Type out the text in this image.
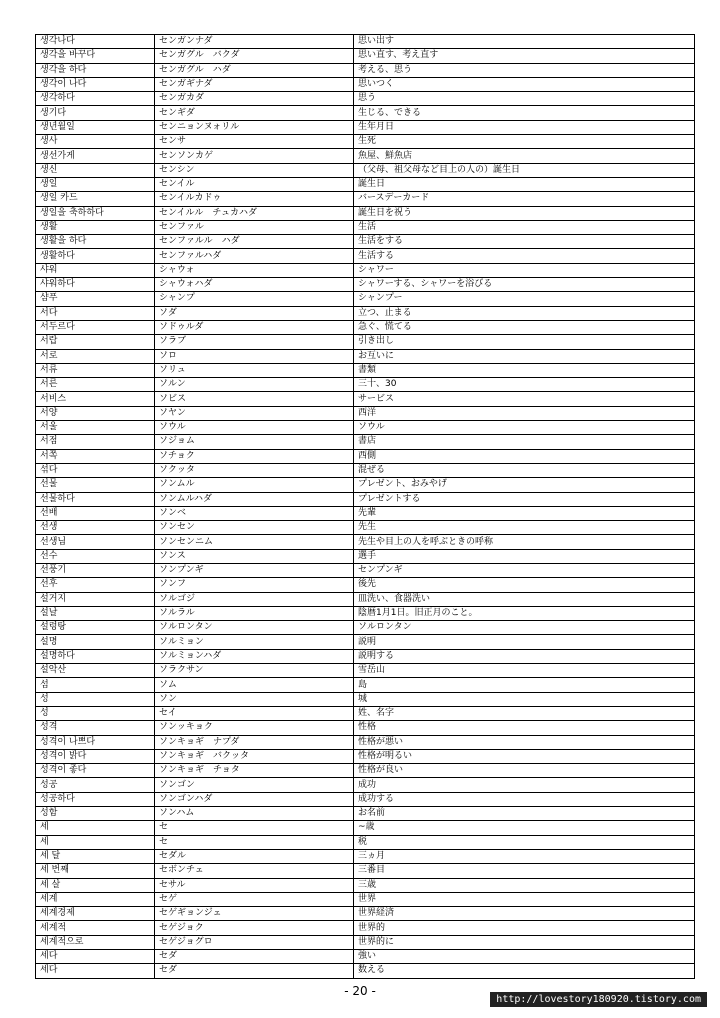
생각나다	センガンナダ	思い出す
생각을 바꾸다	センガグル　バクダ	思い直す、考え直す
생각을 하다	センガグル　ハダ	考える、思う
생각이 나다	センガギナダ	思いつく
생각하다	センガカダ	思う
생기다	センギダ	生じる、できる
생년월일	センニョンヌォリル	生年月日
생사	センサ	生死
생선가게	センソンカゲ	魚屋、鮮魚店
생신	センシン	（父母、祖父母など目上の人の）誕生日
생일	センイル	誕生日
생일 카드	センイルカドゥ	バースデーカード
생일을 축하하다	センイルル　チュカハダ	誕生日を祝う
생활	センファル	生活
생활을 하다	センファルル　ハダ	生活をする
생활하다	センファルハダ	生活する
샤워	シャウォ	シャワー
샤워하다	シャウォハダ	シャワーする、シャワーを浴びる
샴푸	シャンプ	シャンプー
서다	ソダ	立つ、止まる
서두르다	ソドゥルダ	急ぐ、慌てる
서랍	ソラブ	引き出し
서로	ソロ	お互いに
서류	ソリュ	書類
서른	ソルン	三十、30
서비스	ソビス	サービス
서양	ソヤン	西洋
서울	ソウル	ソウル
서점	ソジョム	書店
서쪽	ソチョク	西側
섞다	ソクッタ	混ぜる
선물	ソンムル	プレゼント、おみやげ
선물하다	ソンムルハダ	プレゼントする
선배	ソンベ	先輩
선생	ソンセン	先生
선생님	ソンセンニム	先生や目上の人を呼ぶときの呼称
선수	ソンス	選手
선풍기	ソンプンギ	センプンギ
선후	ソンフ	後先
설거지	ソルゴジ	皿洗い、食器洗い
설날	ソルラル	陰暦1月1日。旧正月のこと。
설렁탕	ソルロンタン	ソルロンタン
설명	ソルミョン	説明
설명하다	ソルミョンハダ	説明する
설악산	ソラクサン	雪岳山
섬	ソム	島
성	ソン	城
성	セイ	姓、名字
성격	ソンッキョク	性格
성격이 나쁘다	ソンキョギ　ナプダ	性格が悪い
성격이 밝다	ソンキョギ　バクッタ	性格が明るい
성격이 좋다	ソンキョギ　チョタ	性格が良い
성공	ソンゴン	成功
성공하다	ソンゴンハダ	成功する
성함	ソンハム	お名前
세	セ	~歳
세	セ	税
세 달	セダル	三ヵ月
세 번째	セボンチェ	三番目
세 살	セサル	三歳
세계	セゲ	世界
세계경제	セゲギョンジェ	世界経済
세계적	セゲジョク	世界的
세계적으로	セゲジョグロ	世界的に
세다	セダ	強い
세다	セダ	数える
- 20 -
http://lovestory180920.tistory.com
